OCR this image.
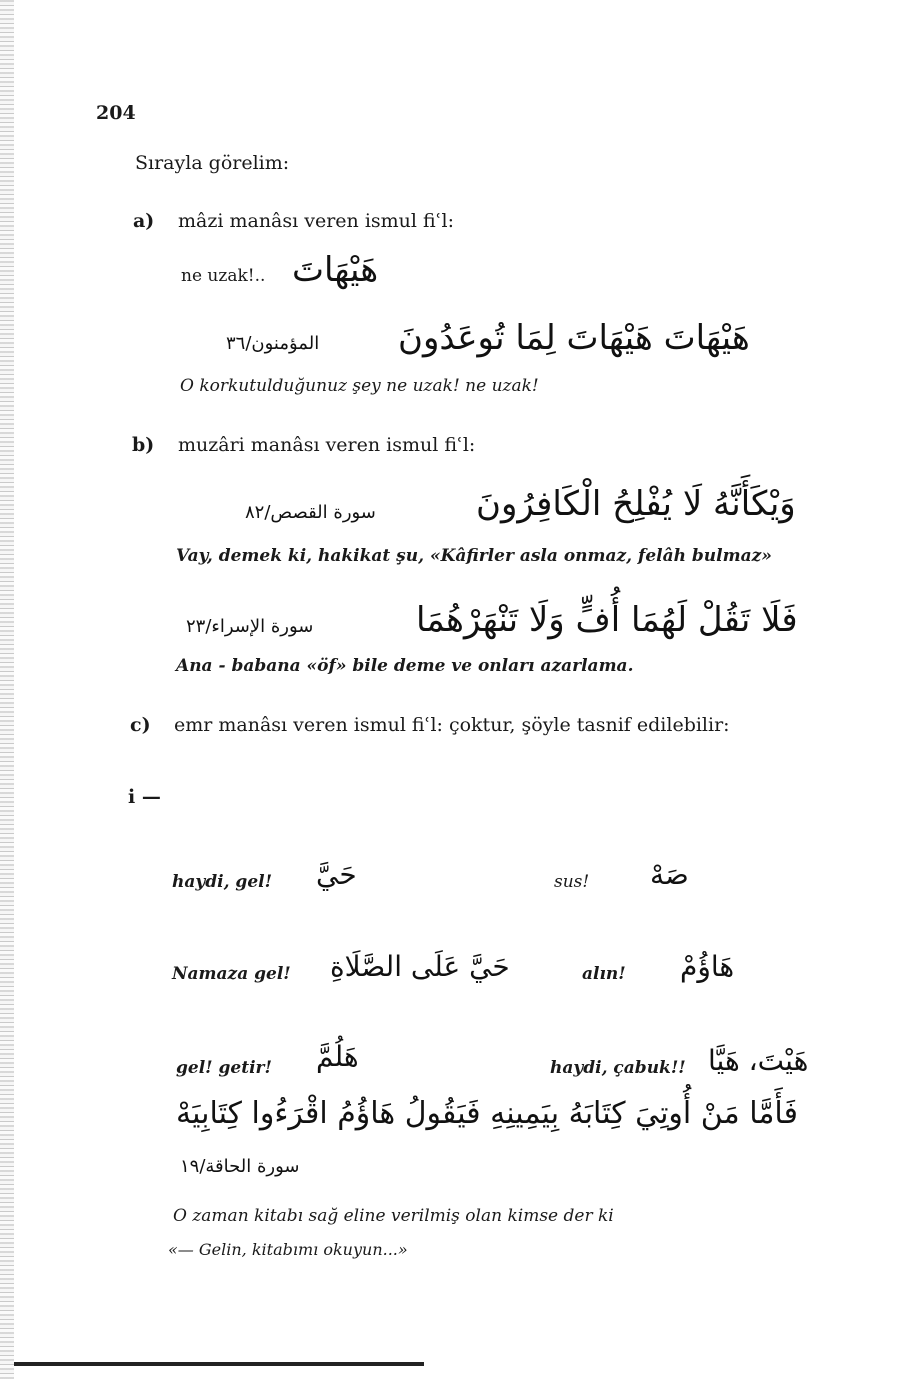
204
Sırayla görelim:
a) mâzi manâsı veren ismul fiʿl:
ne uzak!.. هَيْهَاتَ
المؤمنون/٣٦ هَيْهَاتَ هَيْهَاتَ لِمَا تُوعَدُونَ
O korkutulduğunuz şey ne uzak! ne uzak!
b) muzâri manâsı veren ismul fiʿl:
سورة القصص/٨٢	وَيْكَأَنَّهُ لَا يُفْلِحُ الْكَافِرُونَ
Vay, demek ki, hakikat şu, «Kâfirler asla onmaz, felâh bulmaz»
سورة الإسراء/٢٣	فَلَا تَقُلْ لَهُمَا أُفٍّ وَلَا تَنْهَرْهُمَا
Ana - babana «öf» bile deme ve onları azarlama.
c) emr manâsı veren ismul fiʿl: çoktur, şöyle tasnif edilebilir:
i —
haydi, gel! حَيَّ	sus! صَهْ
Namaza gel! حَيَّ عَلَى الصَّلَاةِ	alın! هَاؤُمْ
gel! getir! هَلُمَّ	haydi, çabuk!! هَيْتَ، هَيَّا
فَأَمَّا مَنْ أُوتِيَ كِتَابَهُ بِيَمِينِهِ فَيَقُولُ هَاؤُمُ اقْرَءُوا كِتَابِيَهْ
سورة الحاقة/١٩
O zaman kitabı sağ eline verilmiş olan kimse der ki
«— Gelin, kitabımı okuyun...»
